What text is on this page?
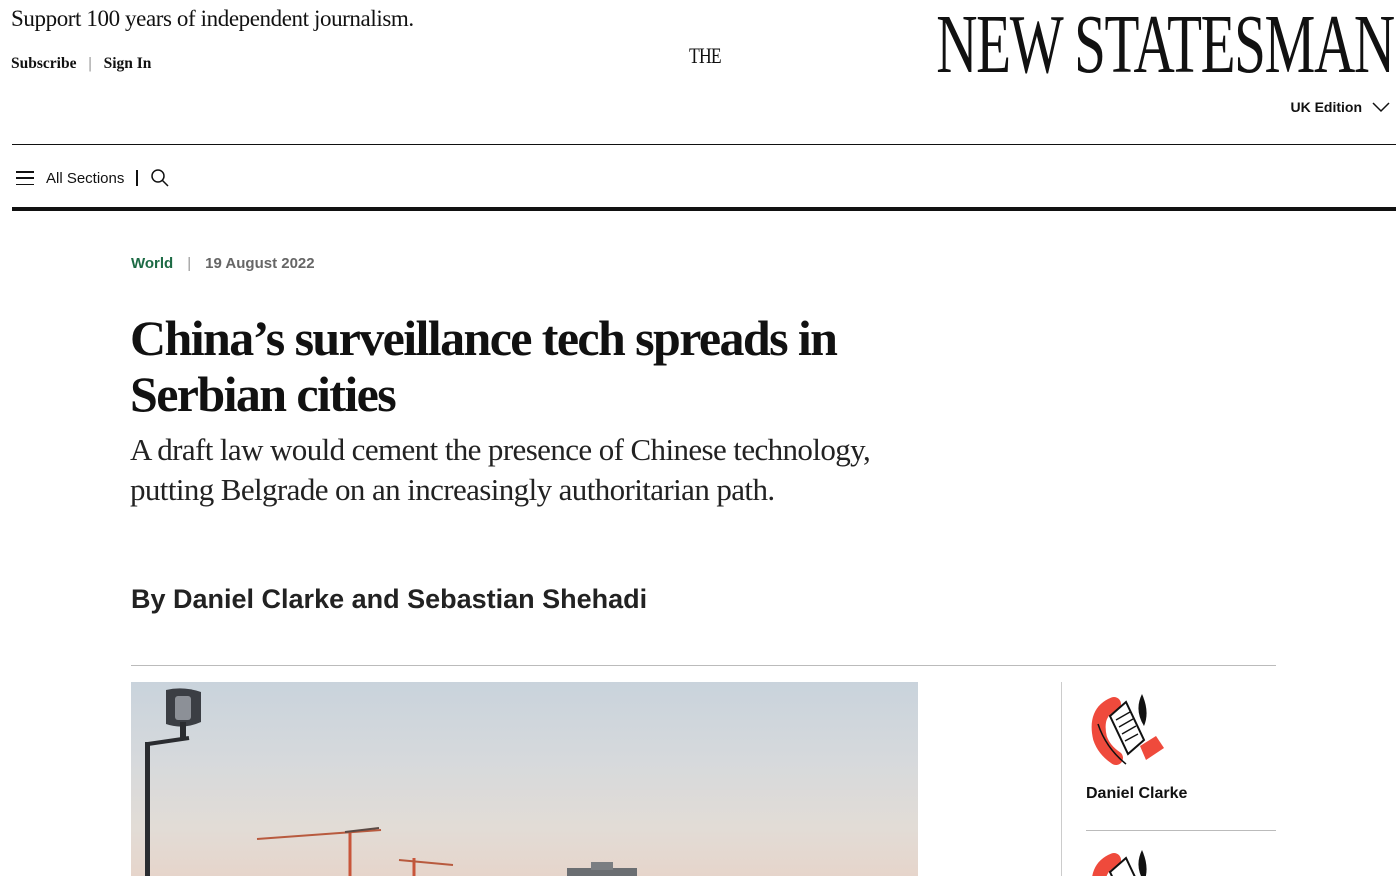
Support 100 years of independent journalism.
Subscribe | Sign In	THE	NEW STATESMAN
UK Edition
All Sections
World | 19 August 2022
China’s surveillance tech spreads in Serbian cities

A draft law would cement the presence of Chinese technology, putting Belgrade on an increasingly authoritarian path.

By Daniel Clarke and Sebastian Shehadi
Daniel Clarke
